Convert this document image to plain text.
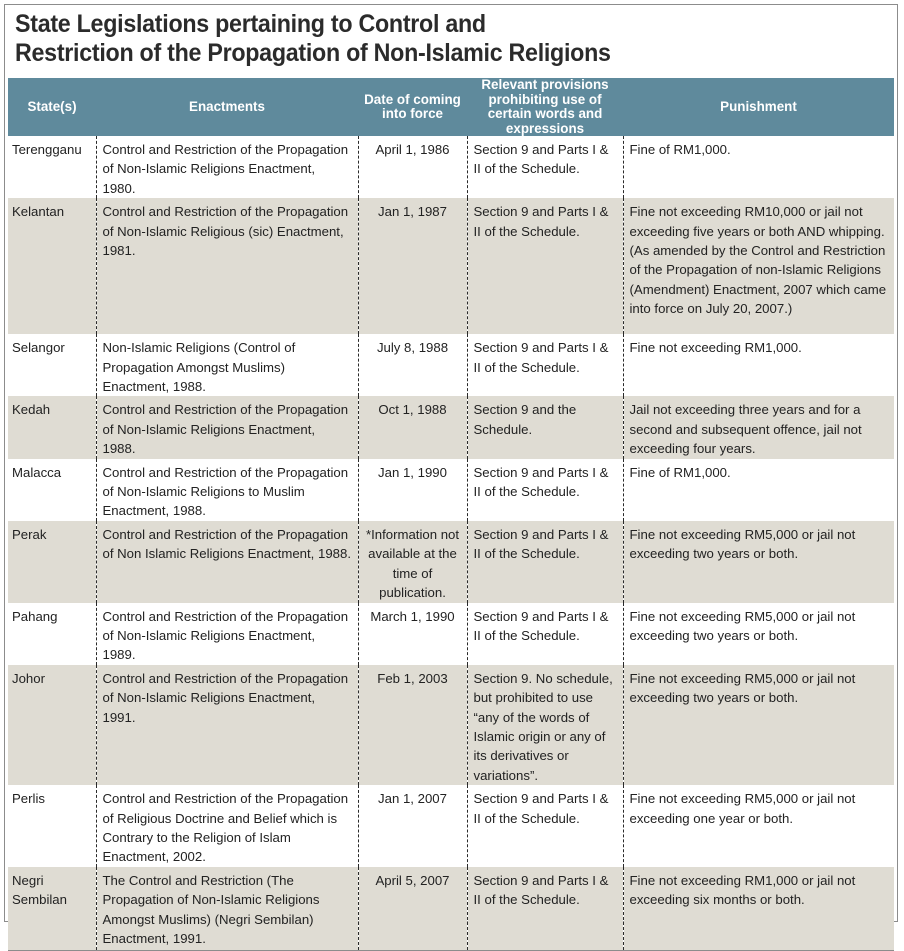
State Legislations pertaining to Control and
Restriction of the Propagation of Non-Islamic Religions
State(s)	Enactments	Date of coming into force	Relevant provisions prohibiting use of certain words and expressions	Punishment
Terengganu	Control and Restriction of the Propagation of Non-Islamic Religions Enactment, 1980.	April 1, 1986	Section 9 and Parts I & II of the Schedule.	Fine of RM1,000.
Kelantan	Control and Restriction of the Propagation of Non-Islamic Religious (sic) Enactment, 1981.	Jan 1, 1987	Section 9 and Parts I & II of the Schedule.	Fine not exceeding RM10,000 or jail not exceeding five years or both AND whipping. (As amended by the Control and Restriction of the Propagation of non-Islamic Religions (Amendment) Enactment, 2007 which came into force on July 20, 2007.)
Selangor	Non-Islamic Religions (Control of Propagation Amongst Muslims) Enactment, 1988.	July 8, 1988	Section 9 and Parts I & II of the Schedule.	Fine not exceeding RM1,000.
Kedah	Control and Restriction of the Propagation of Non-Islamic Religions Enactment, 1988.	Oct 1, 1988	Section 9 and the Schedule.	Jail not exceeding three years and for a second and subsequent offence, jail not exceeding four years.
Malacca	Control and Restriction of the Propagation of Non-Islamic Religions to Muslim Enactment, 1988.	Jan 1, 1990	Section 9 and Parts I & II of the Schedule.	Fine of RM1,000.
Perak	Control and Restriction of the Propagation of Non Islamic Religions Enactment, 1988.	*Information not available at the time of publication.	Section 9 and Parts I & II of the Schedule.	Fine not exceeding RM5,000 or jail not exceeding two years or both.
Pahang	Control and Restriction of the Propagation of Non-Islamic Religions Enactment, 1989.	March 1, 1990	Section 9 and Parts I & II of the Schedule.	Fine not exceeding RM5,000 or jail not exceeding two years or both.
Johor	Control and Restriction of the Propagation of Non-Islamic Religions Enactment, 1991.	Feb 1, 2003	Section 9. No schedule, but prohibited to use “any of the words of Islamic origin or any of its derivatives or variations”.	Fine not exceeding RM5,000 or jail not exceeding two years or both.
Perlis	Control and Restriction of the Propagation of Religious Doctrine and Belief which is Contrary to the Religion of Islam Enactment, 2002.	Jan 1, 2007	Section 9 and Parts I & II of the Schedule.	Fine not exceeding RM5,000 or jail not exceeding one year or both.
Negri Sembilan	The Control and Restriction (The Propagation of Non-Islamic Religions Amongst Muslims) (Negri Sembilan) Enactment, 1991.	April 5, 2007	Section 9 and Parts I & II of the Schedule.	Fine not exceeding RM1,000 or jail not exceeding six months or both.
